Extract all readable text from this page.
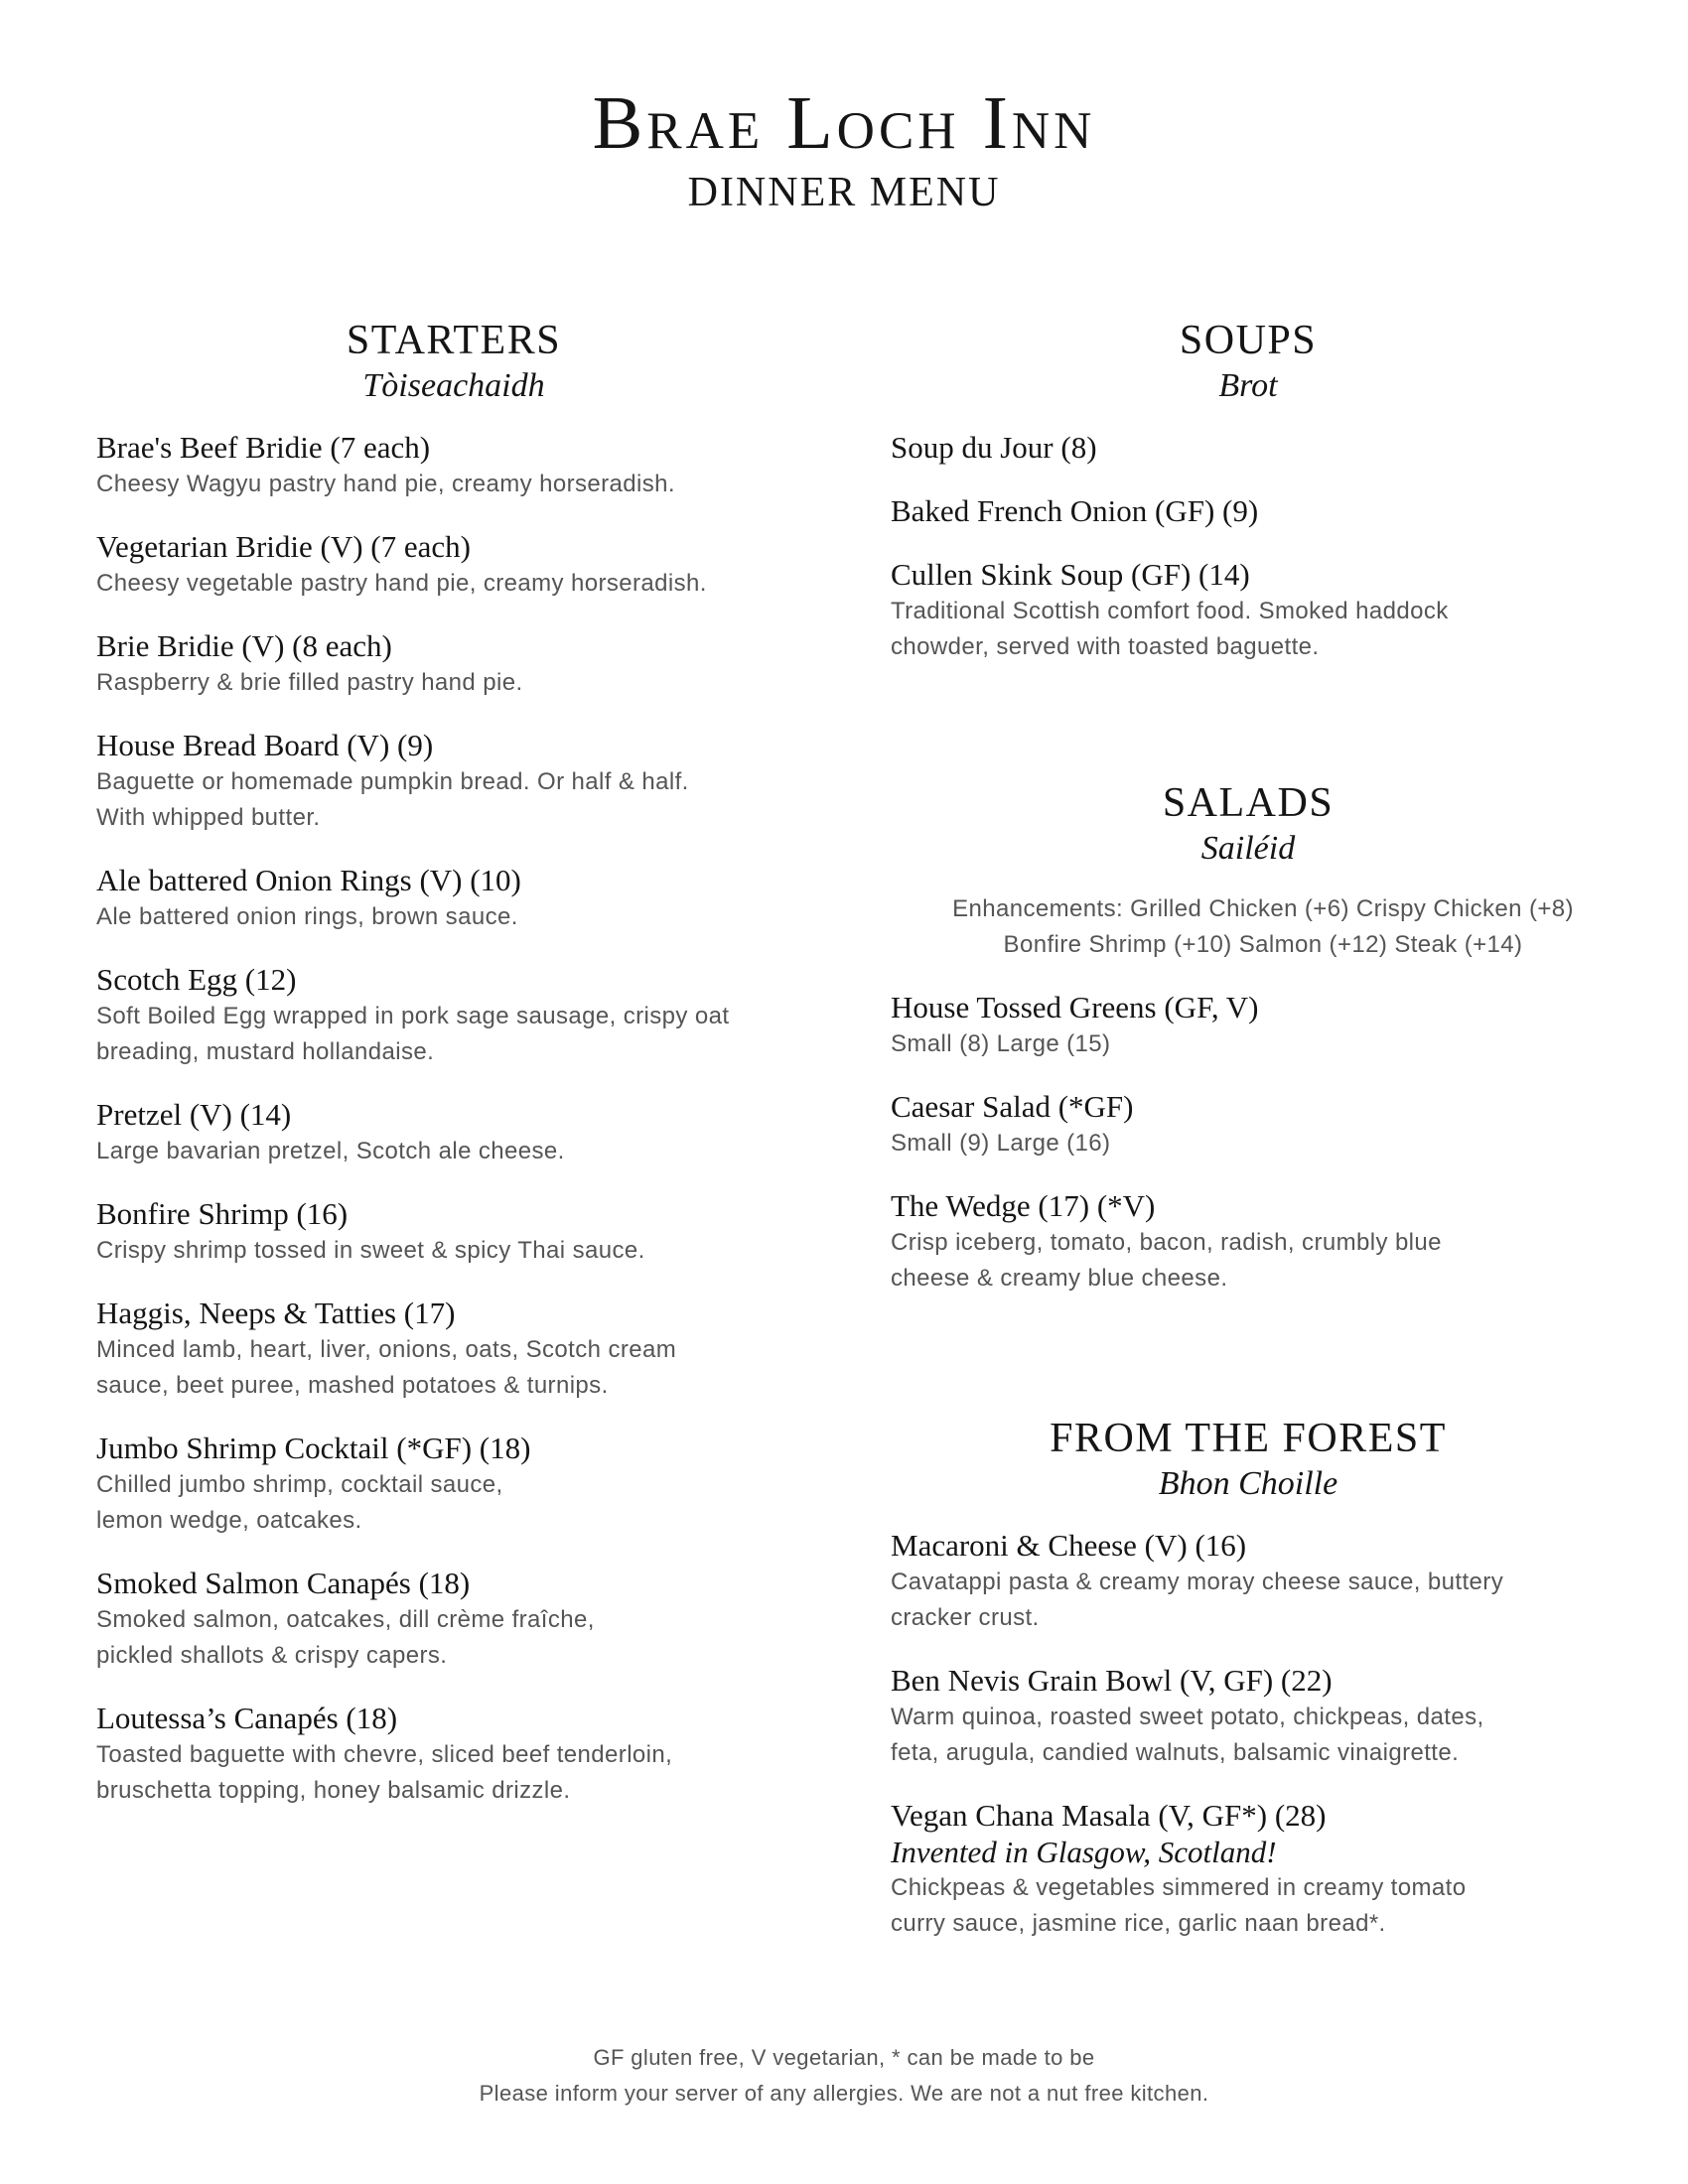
Brae Loch Inn
DINNER MENU
STARTERS
Tòiseachaidh
Brae's Beef Bridie (7 each)
Cheesy Wagyu pastry hand pie, creamy horseradish.
Vegetarian Bridie (V) (7 each)
Cheesy vegetable pastry hand pie, creamy horseradish.
Brie Bridie (V) (8 each)
Raspberry & brie filled pastry hand pie.
House Bread Board (V) (9)
Baguette or homemade pumpkin bread. Or half & half.
With whipped butter.
Ale battered Onion Rings (V) (10)
Ale battered onion rings, brown sauce.
Scotch Egg (12)
Soft Boiled Egg wrapped in pork sage sausage, crispy oat
breading, mustard hollandaise.
Pretzel (V) (14)
Large bavarian pretzel, Scotch ale cheese.
Bonfire Shrimp (16)
Crispy shrimp tossed in sweet & spicy Thai sauce.
Haggis, Neeps & Tatties (17)
Minced lamb, heart, liver, onions, oats, Scotch cream
sauce, beet puree, mashed potatoes & turnips.
Jumbo Shrimp Cocktail (*GF) (18)
Chilled jumbo shrimp, cocktail sauce,
lemon wedge, oatcakes.
Smoked Salmon Canapés (18)
Smoked salmon, oatcakes, dill crème fraîche,
pickled shallots & crispy capers.
Loutessa’s Canapés (18)
Toasted baguette with chevre, sliced beef tenderloin,
bruschetta topping, honey balsamic drizzle.
SOUPS
Brot
Soup du Jour (8)
Baked French Onion (GF) (9)
Cullen Skink Soup (GF) (14)
Traditional Scottish comfort food. Smoked haddock
chowder, served with toasted baguette.
SALADS
Sailéid
Enhancements: Grilled Chicken (+6) Crispy Chicken (+8)
Bonfire Shrimp (+10) Salmon (+12) Steak (+14)
House Tossed Greens (GF, V)
Small (8) Large (15)
Caesar Salad (*GF)
Small (9) Large (16)
The Wedge (17) (*V)
Crisp iceberg, tomato, bacon, radish, crumbly blue
cheese & creamy blue cheese.
FROM THE FOREST
Bhon Choille
Macaroni & Cheese (V) (16)
Cavatappi pasta & creamy moray cheese sauce, buttery
cracker crust.
Ben Nevis Grain Bowl (V, GF) (22)
Warm quinoa, roasted sweet potato, chickpeas, dates,
feta, arugula, candied walnuts, balsamic vinaigrette.
Vegan Chana Masala (V, GF*) (28)
Invented in Glasgow, Scotland!
Chickpeas & vegetables simmered in creamy tomato
curry sauce, jasmine rice, garlic naan bread*.
GF gluten free, V vegetarian, * can be made to be
Please inform your server of any allergies. We are not a nut free kitchen.
